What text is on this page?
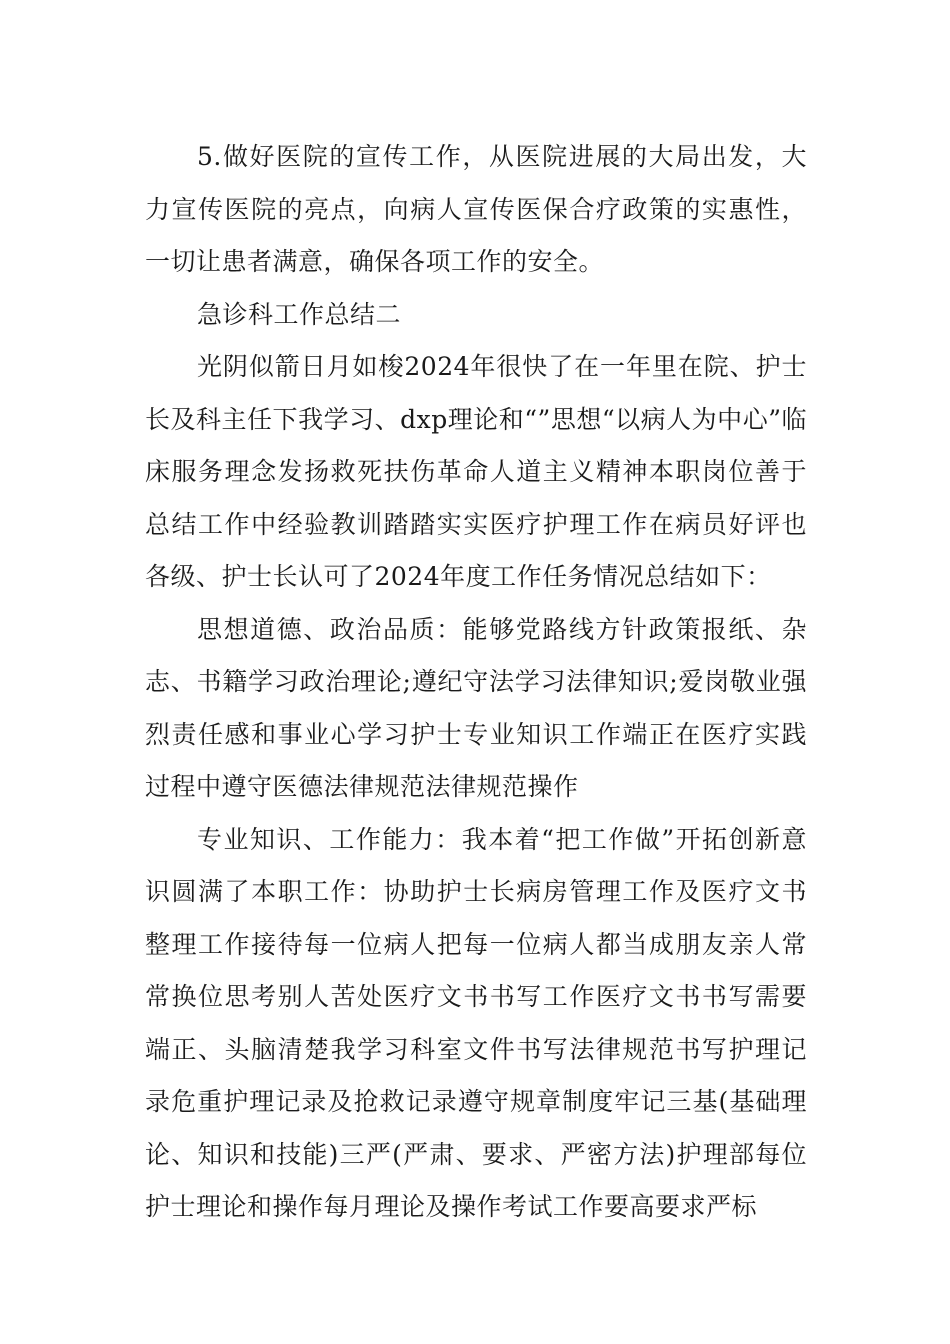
5.做好医院的宣传工作，从医院进展的大局出发，大力宣传医院的亮点，向病人宣传医保合疗政策的实惠性，一切让患者满意，确保各项工作的安全。

急诊科工作总结二

光阴似箭日月如梭2024年很快了在一年里在院、护士长及科主任下我学习、dxp理论和“”思想“以病人为中心”临床服务理念发扬救死扶伤革命人道主义精神本职岗位善于总结工作中经验教训踏踏实实医疗护理工作在病员好评也各级、护士长认可了2024年度工作任务情况总结如下：

思想道德、政治品质：能够党路线方针政策报纸、杂志、书籍学习政治理论;遵纪守法学习法律知识;爱岗敬业强烈责任感和事业心学习护士专业知识工作端正在医疗实践过程中遵守医德法律规范法律规范操作

专业知识、工作能力：我本着“把工作做”开拓创新意识圆满了本职工作：协助护士长病房管理工作及医疗文书整理工作接待每一位病人把每一位病人都当成朋友亲人常常换位思考别人苦处医疗文书书写工作医疗文书书写需要端正、头脑清楚我学习科室文件书写法律规范书写护理记录危重护理记录及抢救记录遵守规章制度牢记三基(基础理论、知识和技能)三严(严肃、要求、严密方法)护理部每位护士理论和操作每月理论及操作考试工作要高要求严标
